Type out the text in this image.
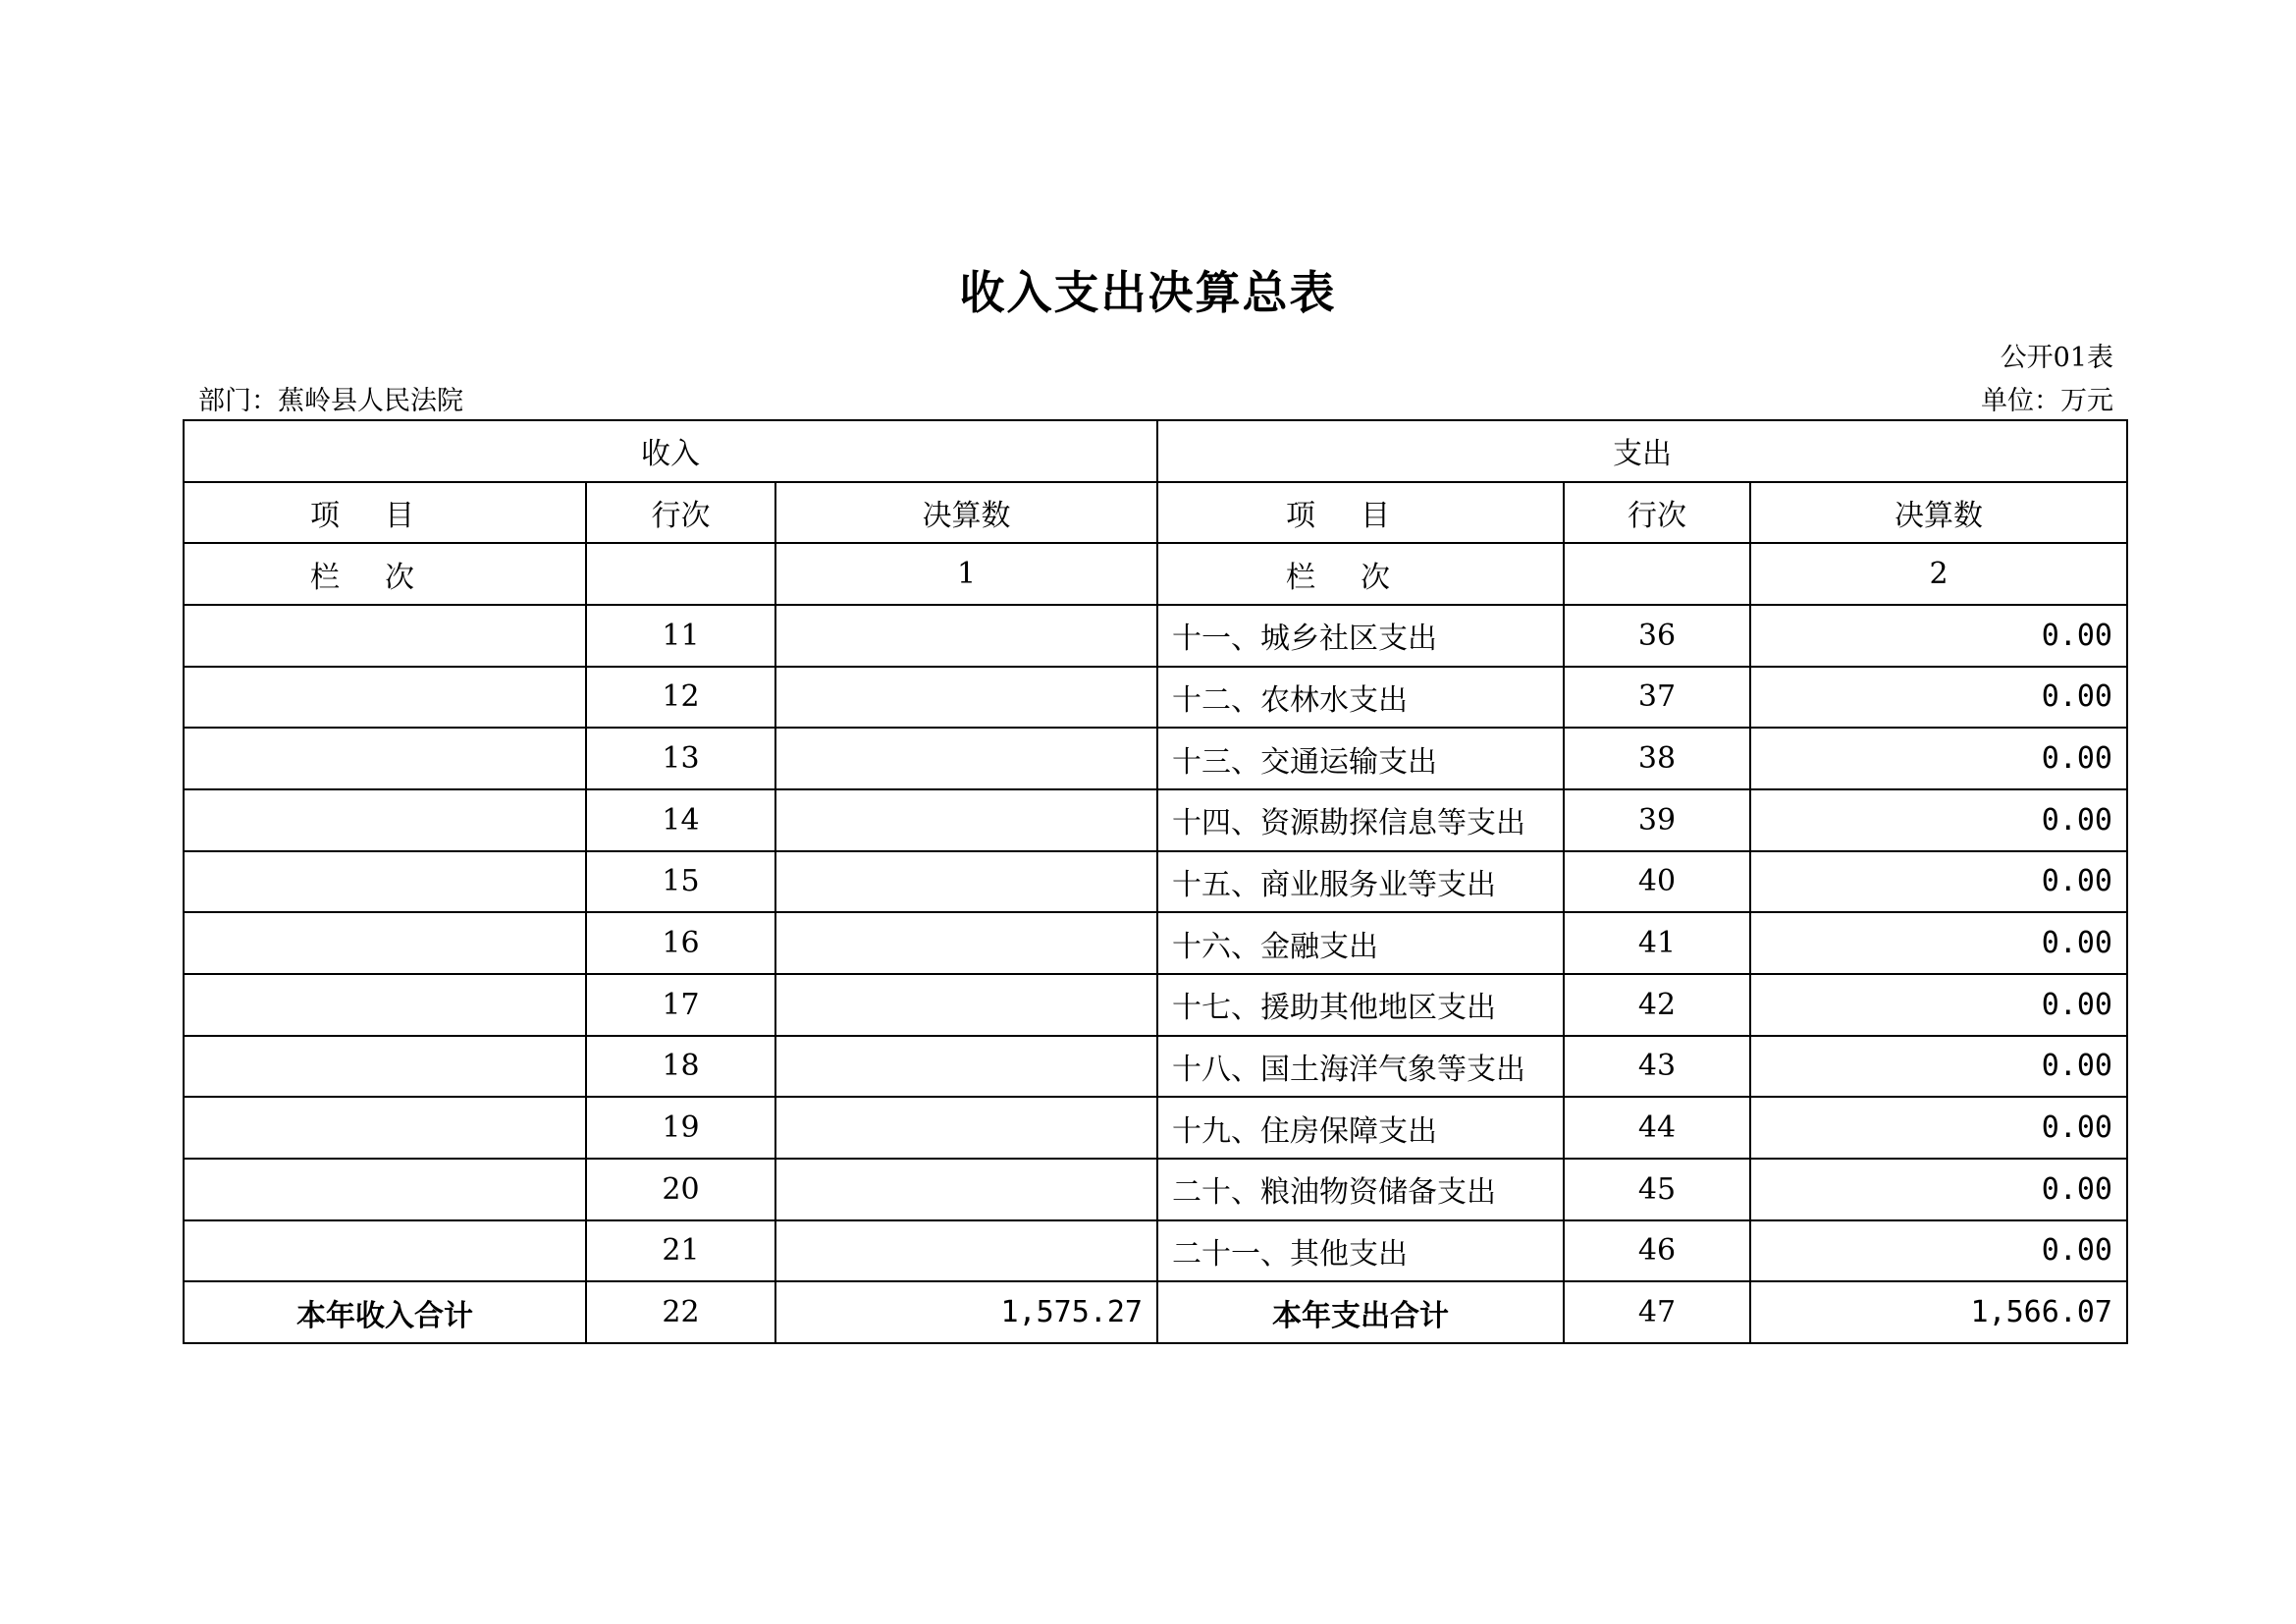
收入支出决算总表
公开01表
部门：蕉岭县人民法院	单位：万元
收入			支出		
项目	行次	决算数	项目	行次	决算数
栏次		1	栏次		2
	11		十一、城乡社区支出	36	0.00
	12		十二、农林水支出	37	0.00
	13		十三、交通运输支出	38	0.00
	14		十四、资源勘探信息等支出	39	0.00
	15		十五、商业服务业等支出	40	0.00
	16		十六、金融支出	41	0.00
	17		十七、援助其他地区支出	42	0.00
	18		十八、国土海洋气象等支出	43	0.00
	19		十九、住房保障支出	44	0.00
	20		二十、粮油物资储备支出	45	0.00
	21		二十一、其他支出	46	0.00
本年收入合计	22	1,575.27	本年支出合计	47	1,566.07
